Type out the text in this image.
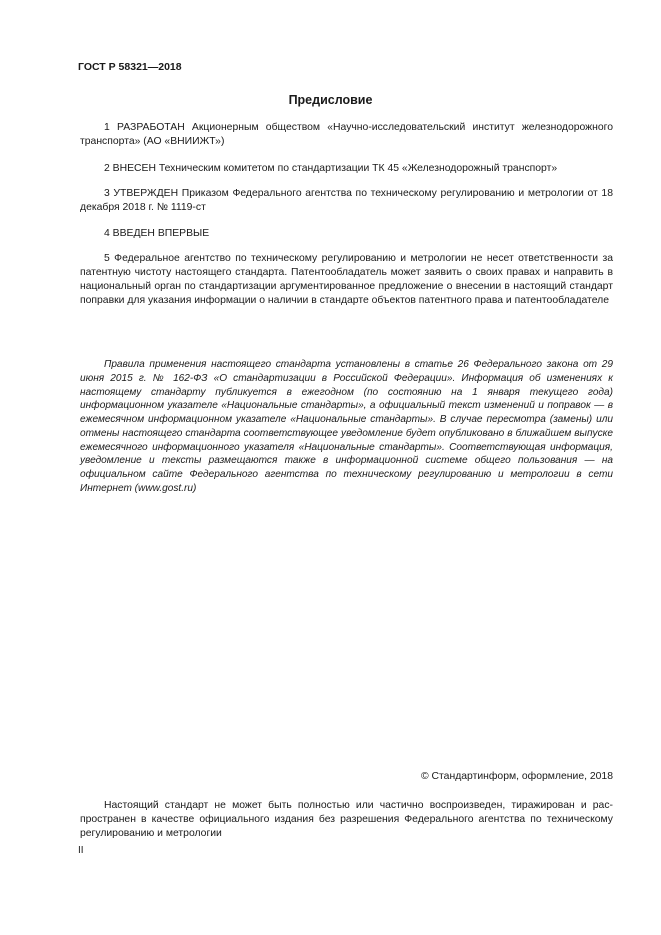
ГОСТ Р 58321—2018
Предисловие

1 РАЗРАБОТАН Акционерным обществом «Научно-исследовательский институт железнодорожного транспорта» (АО «ВНИИЖТ»)

2 ВНЕСЕН Техническим комитетом по стандартизации ТК 45 «Железнодорожный транспорт»

3 УТВЕРЖДЕН Приказом Федерального агентства по техническому регулированию и метрологии от 18 декабря 2018 г. № 1119-ст

4 ВВЕДЕН ВПЕРВЫЕ

5 Федеральное агентство по техническому регулированию и метрологии не несет ответственности за патентную чистоту настоящего стандарта. Патентообладатель может заявить о своих правах и направить в национальный орган по стандартизации аргументированное предложение о внесении в настоящий стандарт поправки для указания информации о наличии в стандарте объектов патентного права и патентообладателе

Правила применения настоящего стандарта установлены в статье 26 Федерального закона от 29 июня 2015 г. № 162-ФЗ «О стандартизации в Российской Федерации». Информация об изменениях к настоящему стандарту публикуется в ежегодном (по состоянию на 1 января текущего года) информационном указателе «Национальные стандарты», а официальный текст изменений и поправок — в ежемесячном информационном указателе «Национальные стандарты». В случае пересмотра (замены) или отмены настоящего стандарта соответствующее уведомление будет опубликовано в ближайшем выпуске ежемесячного информационного указателя «Национальные стандарты». Соответствующая информация, уведомление и тексты размещаются также в информационной системе общего пользования — на официальном сайте Федерального агентства по техническому регулированию и метрологии в сети Интернет (www.gost.ru)

© Стандартинформ, оформление, 2018

Настоящий стандарт не может быть полностью или частично воспроизведен, тиражирован и распространен в качестве официального издания без разрешения Федерального агентства по техническому регулированию и метрологии

II
